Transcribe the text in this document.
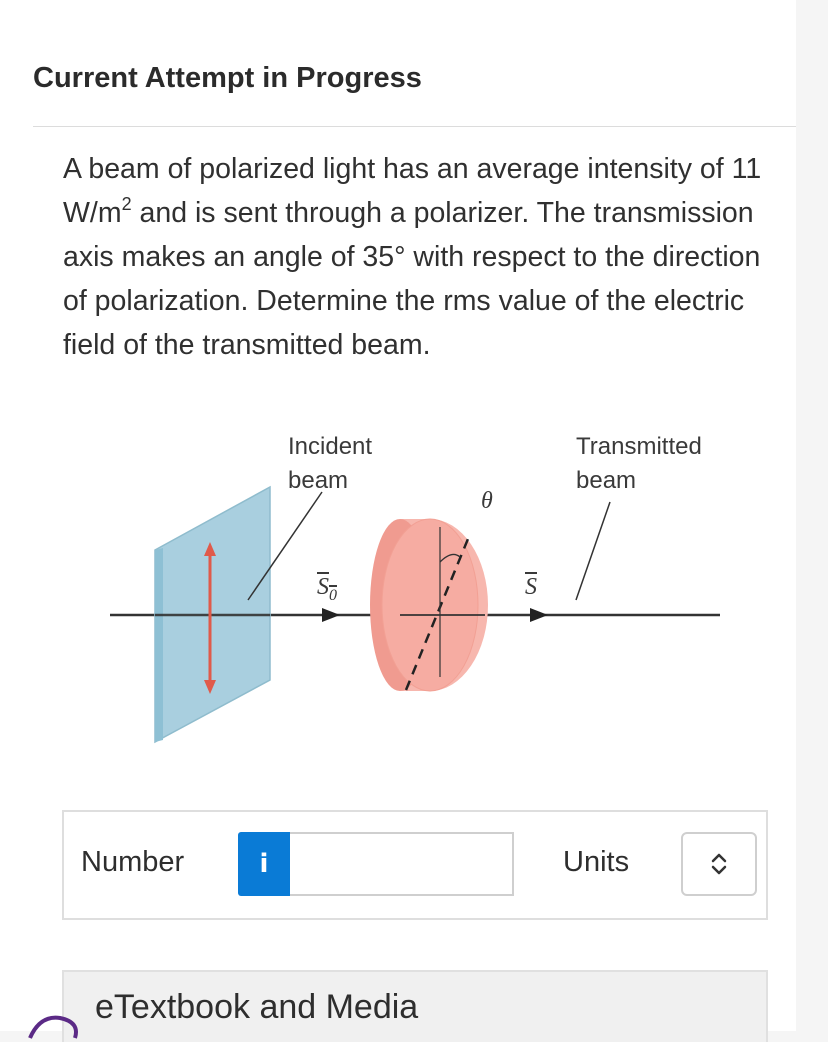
Current Attempt in Progress
A beam of polarized light has an average intensity of 11 $W/m^2$ and is sent through a polarizer. The transmission axis makes an angle of 35° with respect to the direction of polarization. Determine the rms value of the electric field of the transmitted beam.
Incident
beam
Transmitted
beam
θ
$S_0$	$\overline{S}$
Number	i	Units
eTextbook and Media
